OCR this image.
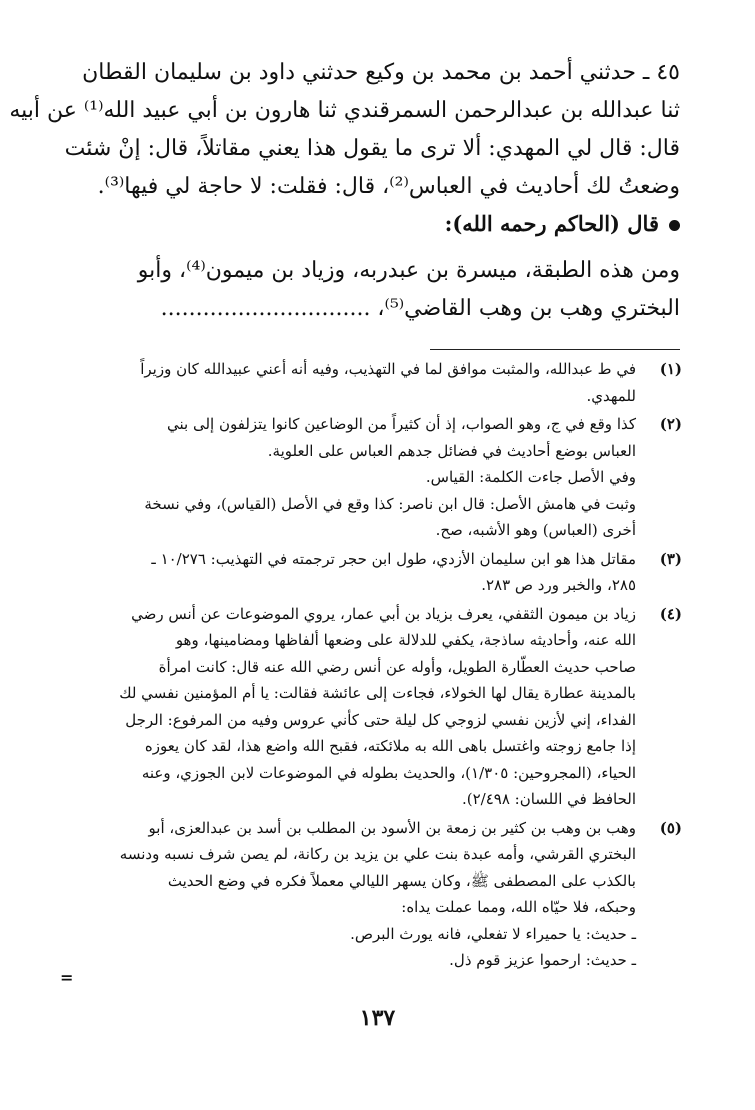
٤٥ ـ حدثني أحمد بن محمد بن وكيع حدثني داود بن سليمان القطان
ثنا عبدالله بن عبدالرحمن السمرقندي ثنا هارون بن أبي عبيد الله⁽¹⁾ عن أبيه
قال: قال لي المهدي: ألا ترى ما يقول هذا يعني مقاتلاً، قال: إنْ شئت
وضعتُ لك أحاديث في العباس⁽²⁾، قال: فقلت: لا حاجة لي فيها⁽³⁾.
قال (الحاكم رحمه الله):
ومن هذه الطبقة، ميسرة بن عبدربه، وزياد بن ميمون⁽⁴⁾، وأبو
البختري وهب بن وهب القاضي⁽⁵⁾، ..............................
(١)
في ط عبدالله، والمثبت موافق لما في التهذيب، وفيه أنه أعني عبيدالله كان وزيراً
للمهدي.
(٢)
كذا وقع في ج، وهو الصواب، إذ أن كثيراً من الوضاعين كانوا يتزلفون إلى بني
العباس بوضع أحاديث في فضائل جدهم العباس على العلوية.
وفي الأصل جاءت الكلمة: القياس.
وثبت في هامش الأصل: قال ابن ناصر: كذا وقع في الأصل (القياس)، وفي نسخة
أخرى (العباس) وهو الأشبه، صح.
(٣)
مقاتل هذا هو ابن سليمان الأزدي، طول ابن حجر ترجمته في التهذيب: ١٠/٢٧٦ ـ
٢٨٥، والخبر ورد ص ٢٨٣.
(٤)
زياد بن ميمون الثقفي، يعرف بزياد بن أبي عمار، يروي الموضوعات عن أنس رضي
الله عنه، وأحاديثه ساذجة، يكفي للدلالة على وضعها ألفاظها ومضامينها، وهو
صاحب حديث العطّارة الطويل، وأوله عن أنس رضي الله عنه قال: كانت امرأة
بالمدينة عطارة يقال لها الخولاء، فجاءت إلى عائشة فقالت: يا أم المؤمنين نفسي لك
الفداء، إني لأزين نفسي لزوجي كل ليلة حتى كأني عروس وفيه من المرفوع: الرجل
إذا جامع زوجته واغتسل باهى الله به ملائكته، فقبح الله واضع هذا، لقد كان يعوزه
الحياء، (المجروحين: ١/٣٠٥)، والحديث بطوله في الموضوعات لابن الجوزي، وعنه
الحافظ في اللسان: ٢/٤٩٨).
(٥)
وهب بن وهب بن كثير بن زمعة بن الأسود بن المطلب بن أسد بن عبدالعزى، أبو
البختري القرشي، وأمه عبدة بنت علي بن يزيد بن ركانة، لم يصن شرف نسبه ودنسه
بالكذب على المصطفى ﷺ، وكان يسهر الليالي معملاً فكره في وضع الحديث
وحبكه، فلا حيّاه الله، ومما عملت يداه:
ـ حديث: يا حميراء لا تفعلي، فانه يورث البرص.
ـ حديث: ارحموا عزيز قوم ذل.
=
١٣٧
